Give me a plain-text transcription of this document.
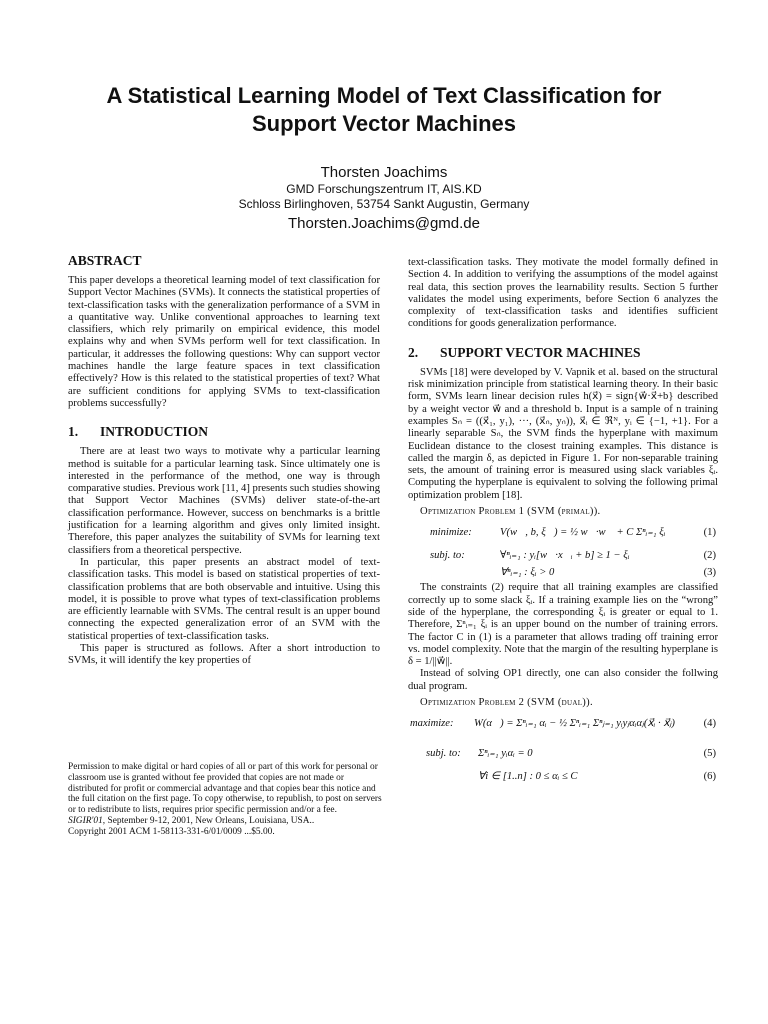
A Statistical Learning Model of Text Classification for
Support Vector Machines
Thorsten Joachims
GMD Forschungszentrum IT, AIS.KD
Schloss Birlinghoven, 53754 Sankt Augustin, Germany
Thorsten.Joachims@gmd.de
ABSTRACT

This paper develops a theoretical learning model of text classification for Support Vector Machines (SVMs). It connects the statistical properties of text-classification tasks with the generalization performance of a SVM in a quantitative way. Unlike conventional approaches to learning text classifiers, which rely primarily on empirical evidence, this model explains why and when SVMs perform well for text classification. In particular, it addresses the following questions: Why can support vector machines handle the large feature spaces in text classification effectively? How is this related to the statistical properties of text? What are sufficient conditions for applying SVMs to text-classification problems successfully?

1. INTRODUCTION

There are at least two ways to motivate why a particular learning method is suitable for a particular learning task. Since ultimately one is interested in the performance of the method, one way is through comparative studies. Previous work [11, 4] presents such studies showing that Support Vector Machines (SVMs) deliver state-of-the-art classification performance. However, success on benchmarks is a brittle justification for a learning algorithm and gives only limited insight. Therefore, this paper analyzes the suitability of SVMs for learning text classifiers from a theoretical perspective.

In particular, this paper presents an abstract model of text-classification tasks. This model is based on statistical properties of text-classification problems that are both observable and intuitive. Using this model, it is possible to prove what types of text-classification problems are efficiently learnable with SVMs. The central result is an upper bound connecting the expected generalization error of an SVM with the statistical properties of text-classification tasks.

This paper is structured as follows. After a short introduction to SVMs, it will identify the key properties of

Permission to make digital or hard copies of all or part of this work for personal or classroom use is granted without fee provided that copies are not made or distributed for profit or commercial advantage and that copies bear this notice and the full citation on the first page. To copy otherwise, to republish, to post on servers or to redistribute to lists, requires prior specific permission and/or a fee.

SIGIR'01, September 9-12, 2001, New Orleans, Louisiana, USA..

Copyright 2001 ACM 1-58113-331-6/01/0009 ...$5.00.

text-classification tasks. They motivate the model formally defined in Section 4. In addition to verifying the assumptions of the model against real data, this section proves the learnability results. Section 5 further validates the model using experiments, before Section 6 analyzes the complexity of text-classification tasks and identifies sufficient conditions for goods generalization performance.

2. SUPPORT VECTOR MACHINES

SVMs [18] were developed by V. Vapnik et al. based on the structural risk minimization principle from statistical learning theory. In their basic form, SVMs learn linear decision rules h(x⃗) = sign{w⃗·x⃗+b} described by a weight vector w⃗ and a threshold b. Input is a sample of n training examples Sₙ = ((x⃗₁, y₁), ···, (x⃗ₙ, yₙ)), x⃗ᵢ ∈ ℜᴺ, yᵢ ∈ {−1, +1}. For a linearly separable Sₙ, the SVM finds the hyperplane with maximum Euclidean distance to the closest training examples. This distance is called the margin δ, as depicted in Figure 1. For non-separable training sets, the amount of training error is measured using slack variables ξᵢ. Computing the hyperplane is equivalent to solving the following primal optimization problem [18].

Optimization Problem 1 (SVM (primal)).

minimize:	V(w⃗, b, ξ⃗) = ½ w⃗·w⃗ + C Σⁿᵢ₌₁ ξᵢ	(1)
subj. to:	∀ⁿᵢ₌₁ : yᵢ[w⃗·x⃗ᵢ + b] ≥ 1 − ξᵢ	(2)
∀ⁿᵢ₌₁ : ξᵢ > 0	(3)

The constraints (2) require that all training examples are classified correctly up to some slack ξᵢ. If a training example lies on the “wrong” side of the hyperplane, the corresponding ξᵢ is greater or equal to 1. Therefore, Σⁿᵢ₌₁ ξᵢ is an upper bound on the number of training errors. The factor C in (1) is a parameter that allows trading off training error vs. model complexity. Note that the margin of the resulting hyperplane is δ = 1/||w⃗||.

Instead of solving OP1 directly, one can also consider the follwing dual program.

Optimization Problem 2 (SVM (dual)).

maximize: W(α⃗) = Σⁿᵢ₌₁ αᵢ − ½ Σⁿᵢ₌₁ Σⁿⱼ₌₁ yᵢyⱼαᵢαⱼ(x⃗ᵢ · x⃗ⱼ)	(4)
subj. to: Σⁿᵢ₌₁ yᵢαᵢ = 0	(5)
∀i ∈ [1..n] : 0 ≤ αᵢ ≤ C	(6)
